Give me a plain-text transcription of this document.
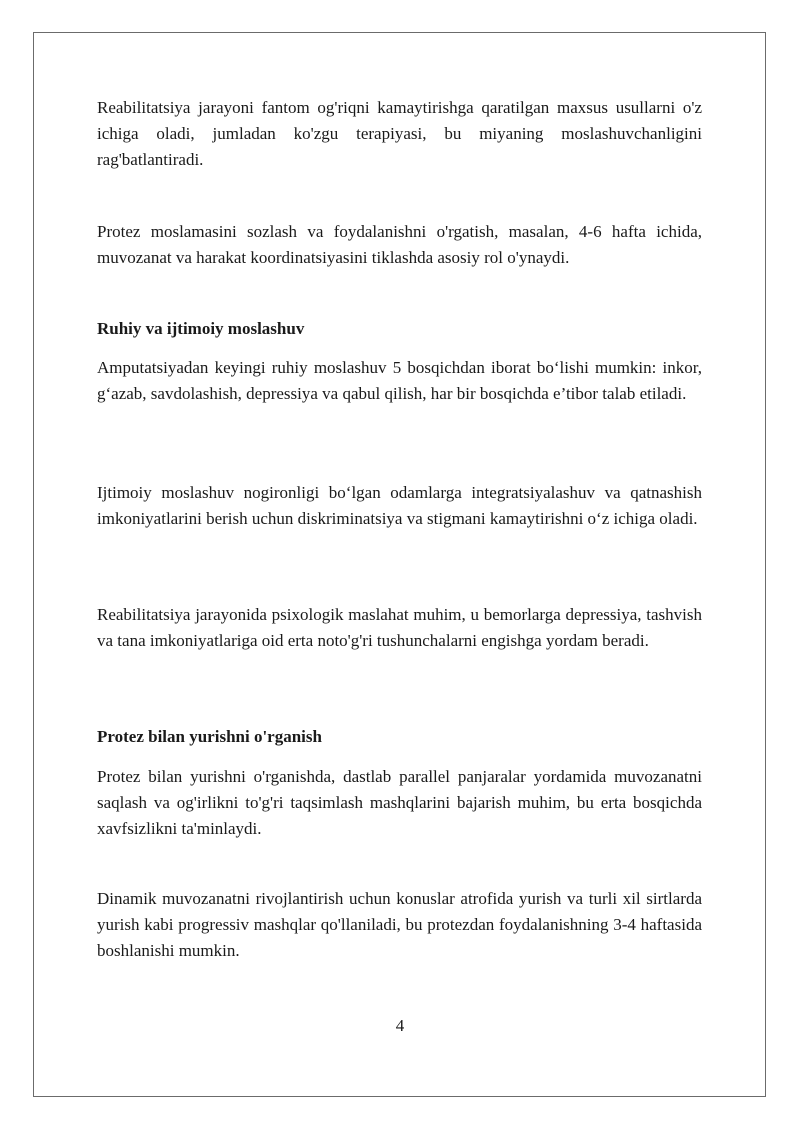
Reabilitatsiya jarayoni fantom og'riqni kamaytirishga qaratilgan maxsus usullarni o'z ichiga oladi, jumladan ko'zgu terapiyasi, bu miyaning moslashuvchanligini rag'batlantiradi.

Protez moslamasini sozlash va foydalanishni o'rgatish, masalan, 4-6 hafta ichida, muvozanat va harakat koordinatsiyasini tiklashda asosiy rol o'ynaydi.

Ruhiy va ijtimoiy moslashuv

Amputatsiyadan keyingi ruhiy moslashuv 5 bosqichdan iborat bo‘lishi mumkin: inkor, g‘azab, savdolashish, depressiya va qabul qilish, har bir bosqichda e’tibor talab etiladi.

Ijtimoiy moslashuv nogironligi bo‘lgan odamlarga integratsiyalashuv va qatnashish imkoniyatlarini berish uchun diskriminatsiya va stigmani kamaytirishni o‘z ichiga oladi.

Reabilitatsiya jarayonida psixologik maslahat muhim, u bemorlarga depressiya, tashvish va tana imkoniyatlariga oid erta noto'g'ri tushunchalarni engishga yordam beradi.

Protez bilan yurishni o'rganish

Protez bilan yurishni o'rganishda, dastlab parallel panjaralar yordamida muvozanatni saqlash va og'irlikni to'g'ri taqsimlash mashqlarini bajarish muhim, bu erta bosqichda xavfsizlikni ta'minlaydi.

Dinamik muvozanatni rivojlantirish uchun konuslar atrofida yurish va turli xil sirtlarda yurish kabi progressiv mashqlar qo'llaniladi, bu protezdan foydalanishning 3-4 haftasida boshlanishi mumkin.

4
